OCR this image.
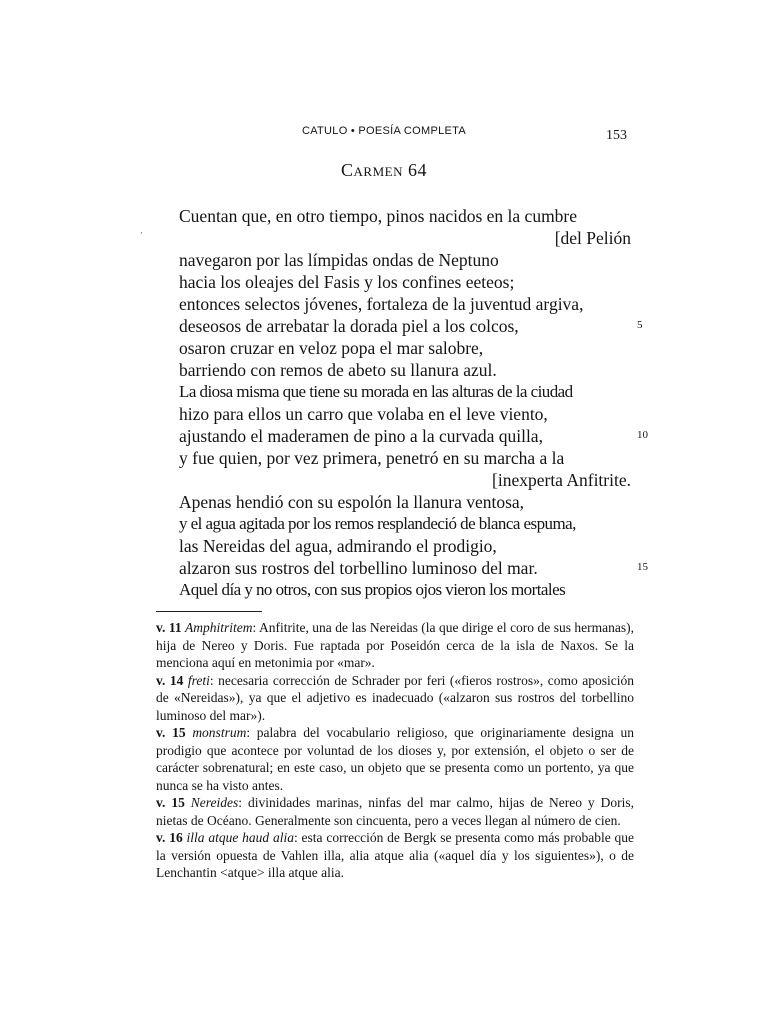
CATULO • POESÍA COMPLETA	153
Carmen 64
·
Cuentan que, en otro tiempo, pinos nacidos en la cumbre
[del Pelión
navegaron por las límpidas ondas de Neptuno
hacia los oleajes del Fasis y los confines eeteos;
entonces selectos jóvenes, fortaleza de la juventud argiva,
deseosos de arrebatar la dorada piel a los colcos,	5
osaron cruzar en veloz popa el mar salobre,
barriendo con remos de abeto su llanura azul.
La diosa misma que tiene su morada en las alturas de la ciudad
hizo para ellos un carro que volaba en el leve viento,
ajustando el maderamen de pino a la curvada quilla,	10
y fue quien, por vez primera, penetró en su marcha a la
[inexperta Anfitrite.
Apenas hendió con su espolón la llanura ventosa,
y el agua agitada por los remos resplandeció de blanca espuma,
las Nereidas del agua, admirando el prodigio,
alzaron sus rostros del torbellino luminoso del mar.	15
Aquel día y no otros, con sus propios ojos vieron los mortales

v. 11 Amphitritem: Anfitrite, una de las Nereidas (la que dirige el coro de sus hermanas), hija de Nereo y Doris. Fue raptada por Poseidón cerca de la isla de Naxos. Se la menciona aquí en metonimia por «mar».

v. 14 freti: necesaria corrección de Schrader por feri («fieros rostros», como aposición de «Nereidas»), ya que el adjetivo es inadecuado («alzaron sus rostros del torbellino luminoso del mar»).

v. 15 monstrum: palabra del vocabulario religioso, que originariamente designa un prodigio que acontece por voluntad de los dioses y, por extensión, el objeto o ser de carácter sobrenatural; en este caso, un objeto que se presenta como un portento, ya que nunca se ha visto antes.

v. 15 Nereides: divinidades marinas, ninfas del mar calmo, hijas de Nereo y Doris, nietas de Océano. Generalmente son cincuenta, pero a veces llegan al número de cien.

v. 16 illa atque haud alia: esta corrección de Bergk se presenta como más probable que la versión opuesta de Vahlen illa, alia atque alia («aquel día y los siguientes»), o de Lenchantin <atque> illa atque alia.
